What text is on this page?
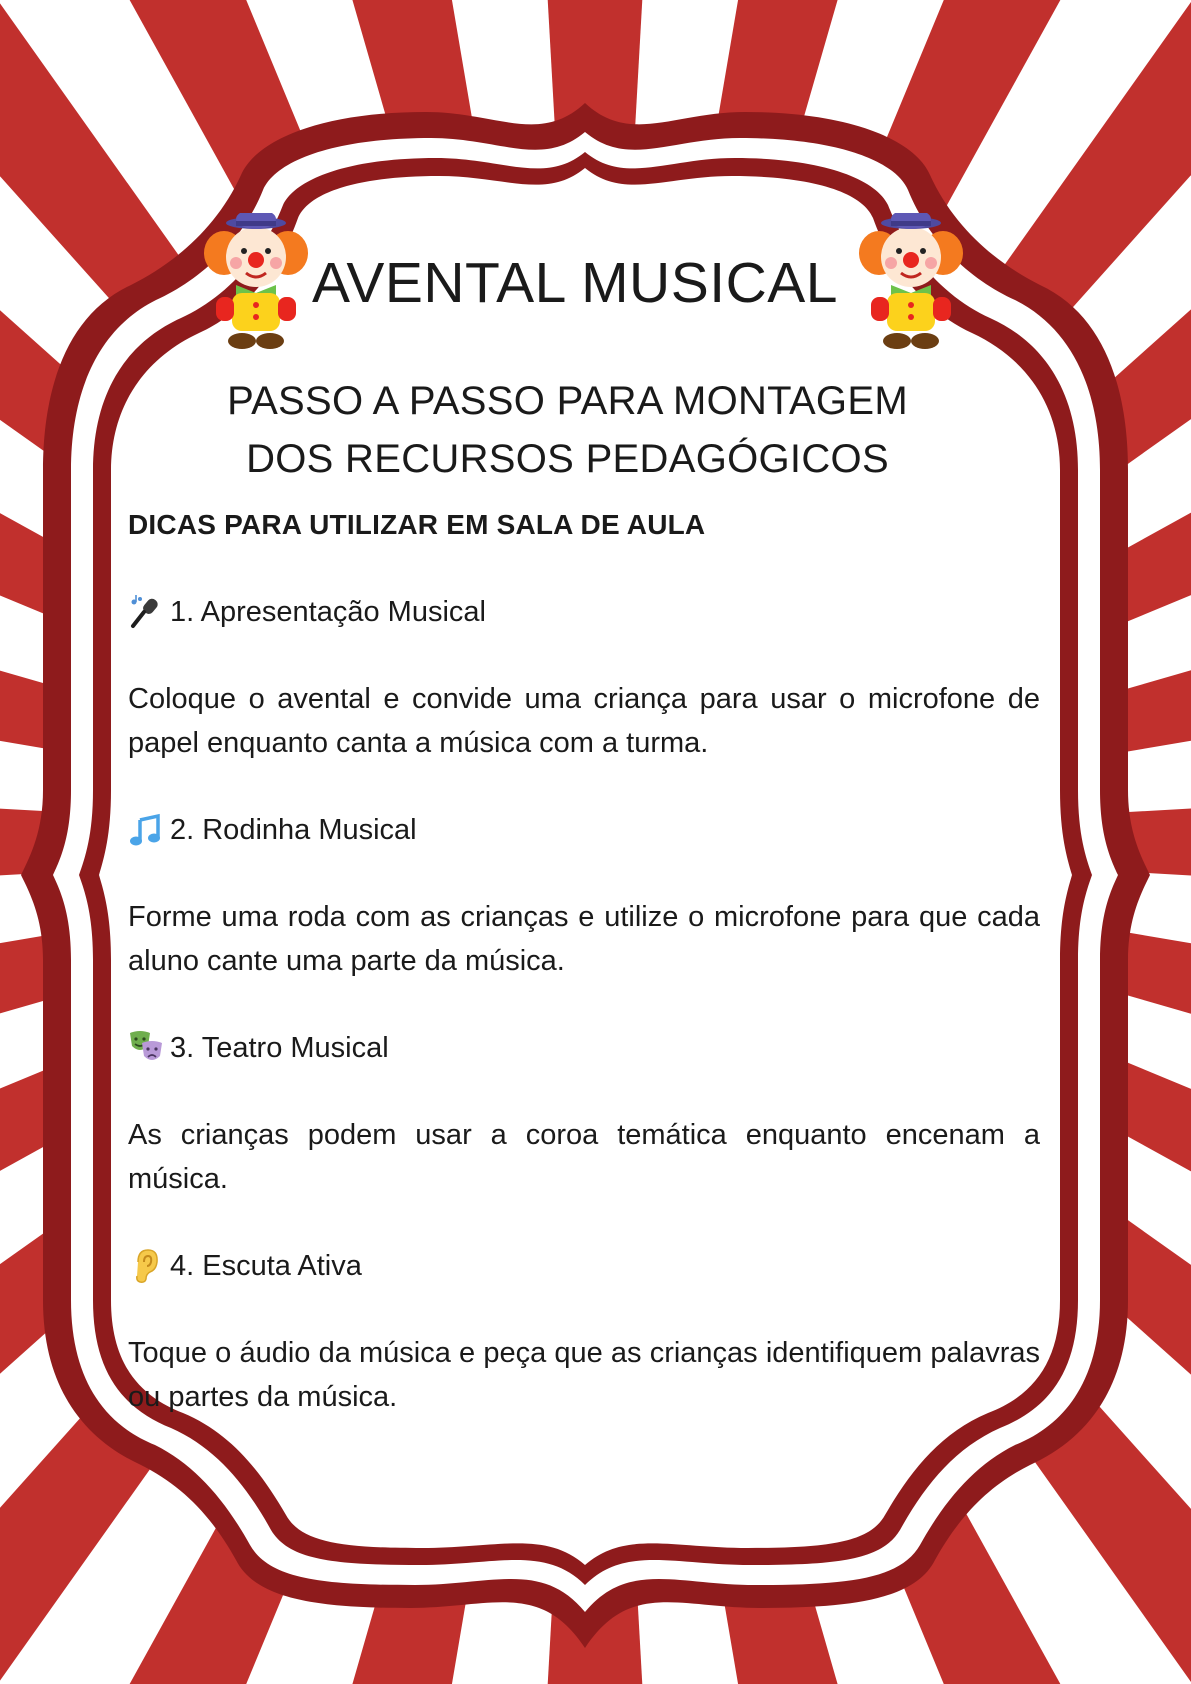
AVENTAL MUSICAL
PASSO A PASSO PARA MONTAGEM
DOS RECURSOS PEDAGÓGICOS
DICAS PARA UTILIZAR EM SALA DE AULA
1. Apresentação Musical
Coloque o avental e convide uma criança para usar o microfone de papel enquanto canta a música com a turma.
2. Rodinha Musical
Forme uma roda com as crianças e utilize o microfone para que cada aluno cante uma parte da música.
3. Teatro Musical
As crianças podem usar a coroa temática enquanto encenam a música.
4. Escuta Ativa
Toque o áudio da música e peça que as crianças identifiquem palavras ou partes da música.
